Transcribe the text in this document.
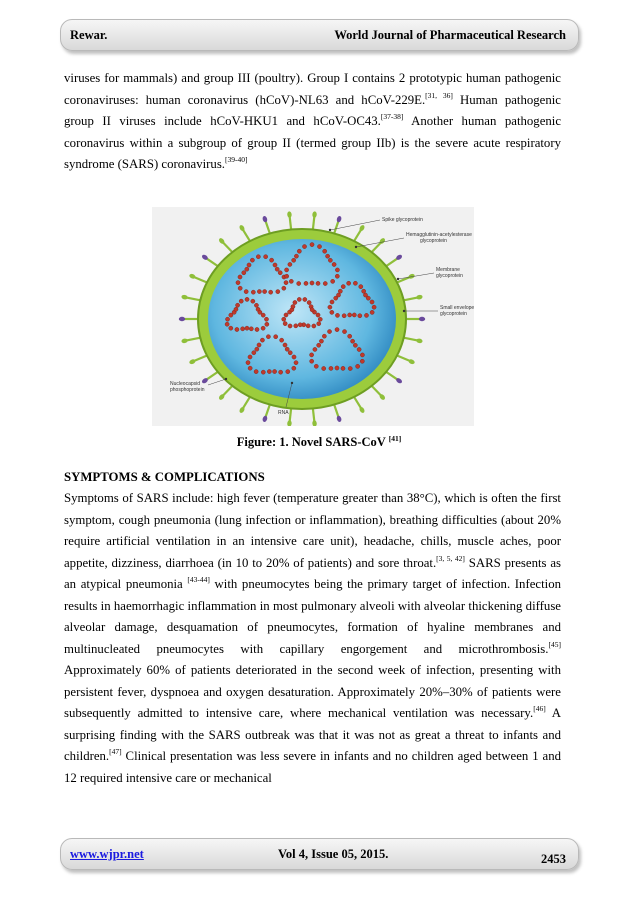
Rewar.	World Journal of Pharmaceutical Research

viruses for mammals) and group III (poultry). Group I contains 2 prototypic human pathogenic coronaviruses: human coronavirus (hCoV)-NL63 and hCoV-229E.[31, 36] Human pathogenic group II viruses include hCoV-HKU1 and hCoV-OC43.[37-38] Another human pathogenic coronavirus within a subgroup of group II (termed group IIb) is the severe acute respiratory syndrome (SARS) coronavirus.[39-40]

Spike glycoprotein
Hemagglutinin-acetylesterase
glycoprotein
Membrane
glycoprotein
Small envelope
glycoprotein
Nucleocapsid
phosphoprotein
RNA
Figure: 1. Novel SARS-CoV [41]
SYMPTOMS & COMPLICATIONS

Symptoms of SARS include: high fever (temperature greater than 38°C), which is often the first symptom, cough pneumonia (lung infection or inflammation), breathing difficulties (about 20% require artificial ventilation in an intensive care unit), headache, chills, muscle aches, poor appetite, dizziness, diarrhoea (in 10 to 20% of patients) and sore throat.[3, 5, 42] SARS presents as an atypical pneumonia [43-44] with pneumocytes being the primary target of infection. Infection results in haemorrhagic inflammation in most pulmonary alveoli with alveolar thickening diffuse alveolar damage, desquamation of pneumocytes, formation of hyaline membranes and multinucleated pneumocytes with capillary engorgement and microthrombosis.[45] Approximately 60% of patients deteriorated in the second week of infection, presenting with persistent fever, dyspnoea and oxygen desaturation. Approximately 20%–30% of patients were subsequently admitted to intensive care, where mechanical ventilation was necessary.[46] A surprising finding with the SARS outbreak was that it was not as great a threat to infants and children.[47] Clinical presentation was less severe in infants and no children aged between 1 and 12 required intensive care or mechanical

www.wjpr.net	Vol 4, Issue 05, 2015.	2453
